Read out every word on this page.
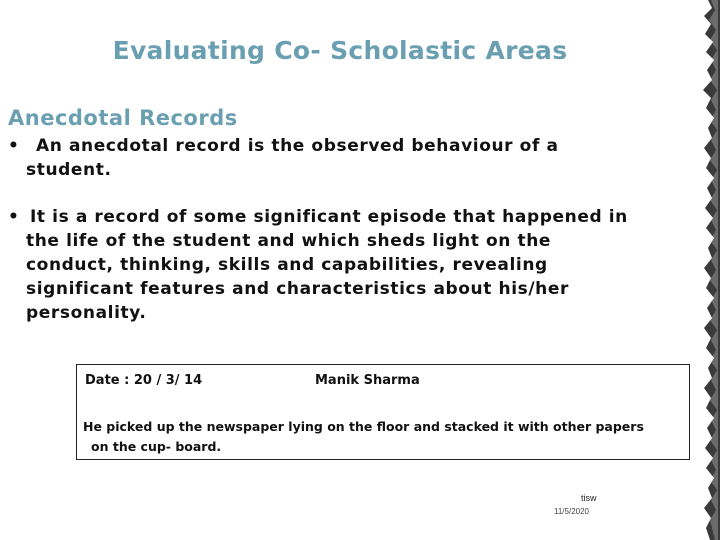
Evaluating Co- Scholastic Areas
Anecdotal Records
• An anecdotal record is the observed behaviour of a
student.
• It is a record of some significant episode that happened in
the life of the student and which sheds light on the
conduct, thinking, skills and capabilities, revealing
significant features and characteristics about his/her
personality.
Date : 20 / 3/ 14	Manik Sharma
He picked up the newspaper lying on the floor and stacked it with other papers
on the cup- board.
tisw
11/5/2020
